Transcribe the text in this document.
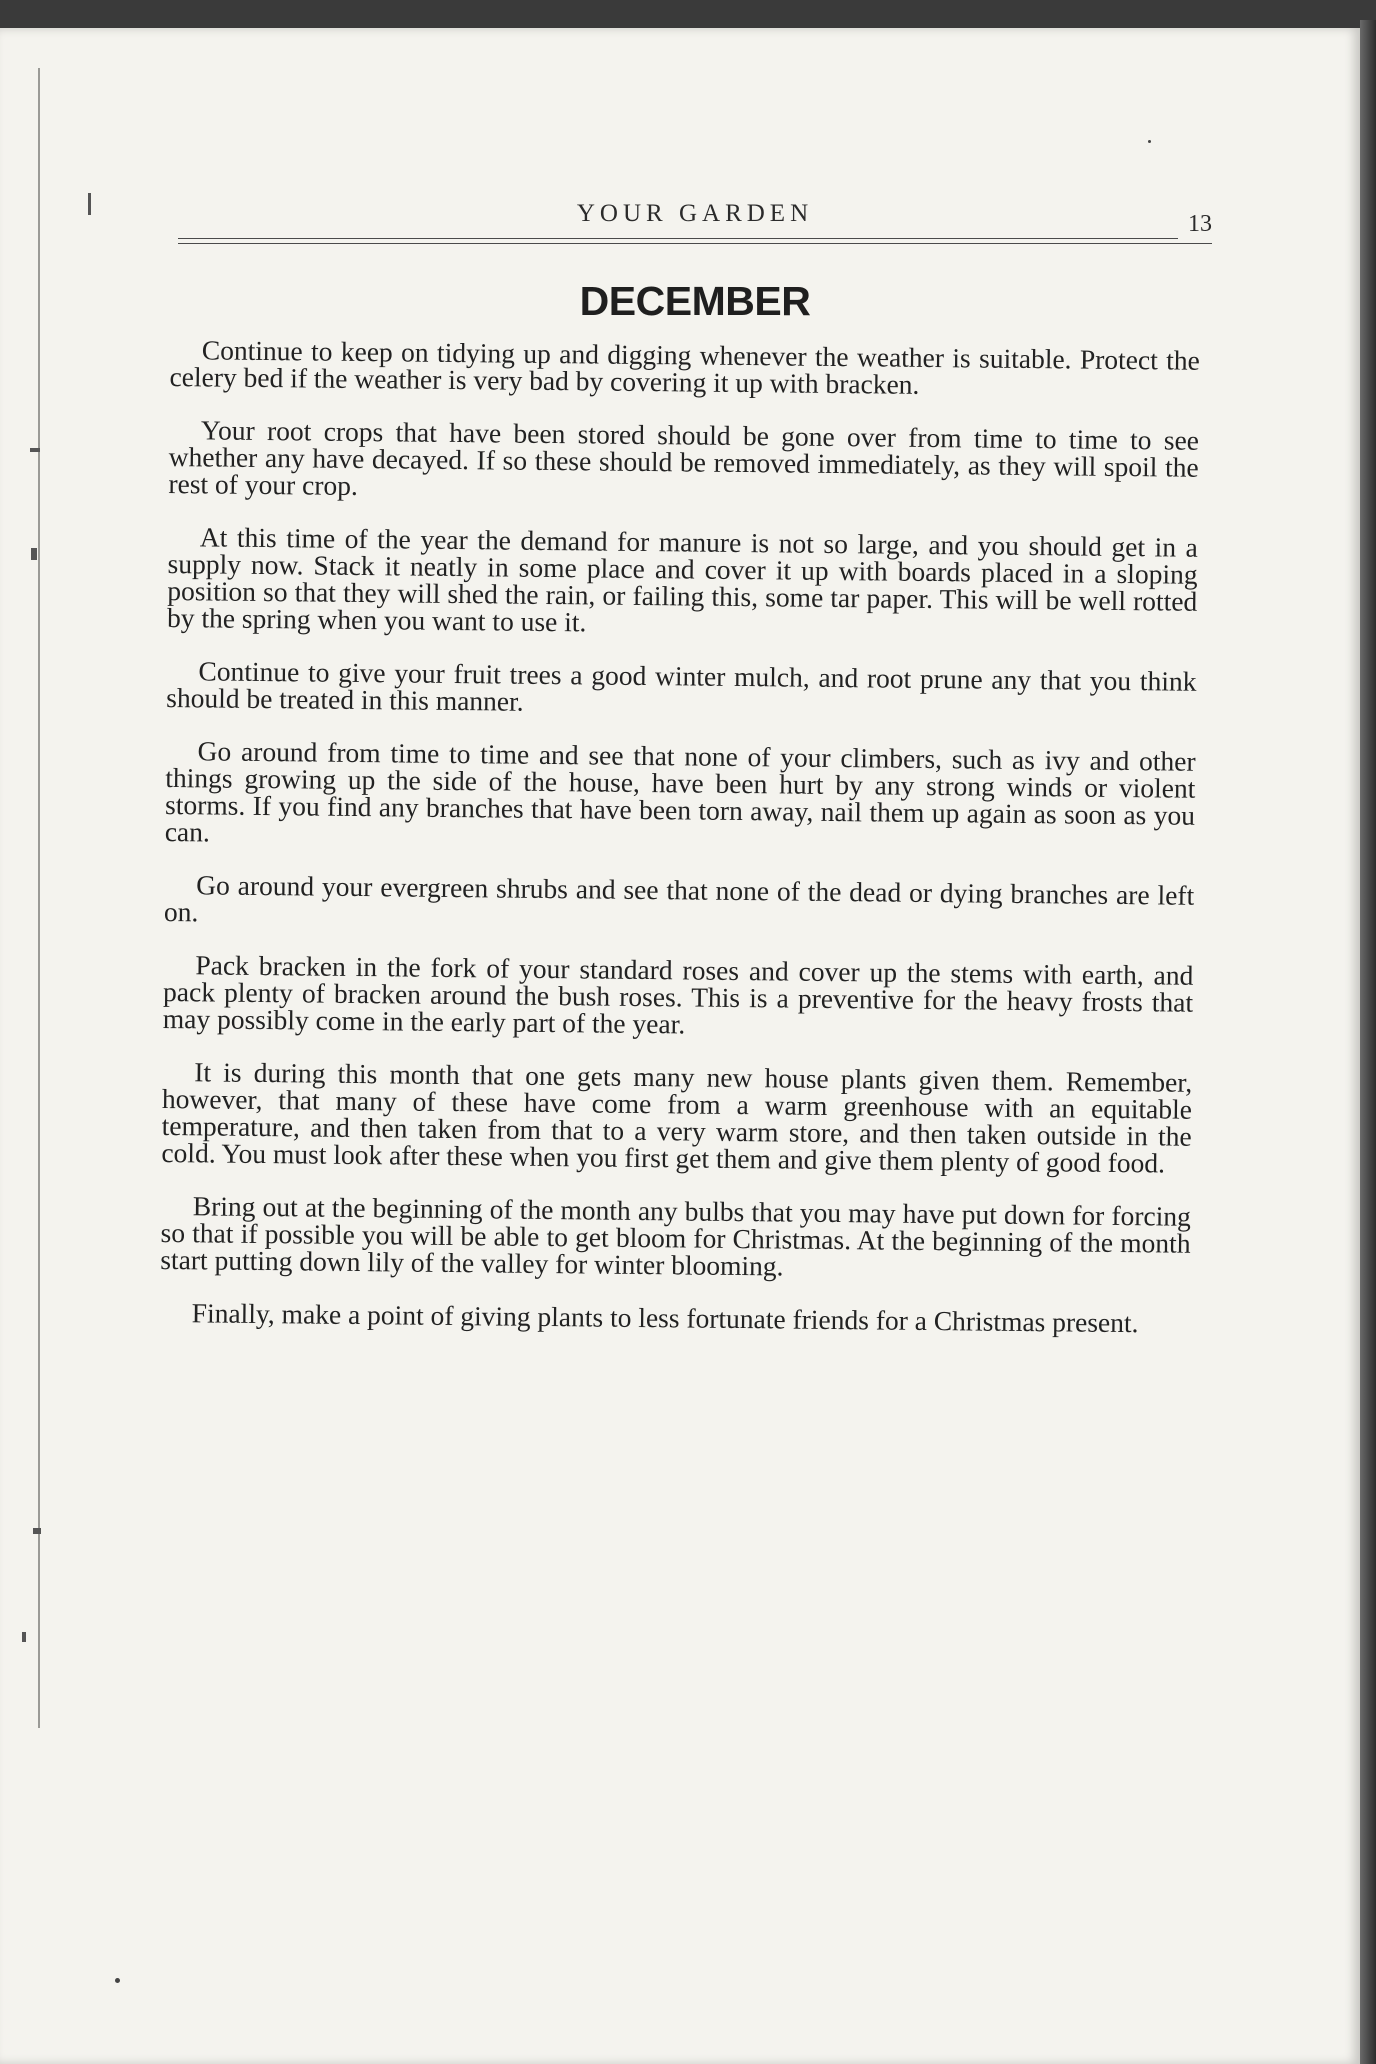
YOUR GARDEN	13
DECEMBER

Continue to keep on tidying up and digging whenever the weather is suitable. Protect the celery bed if the weather is very bad by covering it up with bracken.

Your root crops that have been stored should be gone over from time to time to see whether any have decayed. If so these should be removed immediately, as they will spoil the rest of your crop.

At this time of the year the demand for manure is not so large, and you should get in a supply now. Stack it neatly in some place and cover it up with boards placed in a sloping position so that they will shed the rain, or failing this, some tar paper. This will be well rotted by the spring when you want to use it.

Continue to give your fruit trees a good winter mulch, and root prune any that you think should be treated in this manner.

Go around from time to time and see that none of your climbers, such as ivy and other things growing up the side of the house, have been hurt by any strong winds or violent storms. If you find any branches that have been torn away, nail them up again as soon as you can.

Go around your evergreen shrubs and see that none of the dead or dying branches are left on.

Pack bracken in the fork of your standard roses and cover up the stems with earth, and pack plenty of bracken around the bush roses. This is a preventive for the heavy frosts that may possibly come in the early part of the year.

It is during this month that one gets many new house plants given them. Remember, however, that many of these have come from a warm greenhouse with an equitable temperature, and then taken from that to a very warm store, and then taken outside in the cold. You must look after these when you first get them and give them plenty of good food.

Bring out at the beginning of the month any bulbs that you may have put down for forcing so that if possible you will be able to get bloom for Christmas. At the beginning of the month start putting down lily of the valley for winter blooming.

Finally, make a point of giving plants to less fortunate friends for a Christmas present.
